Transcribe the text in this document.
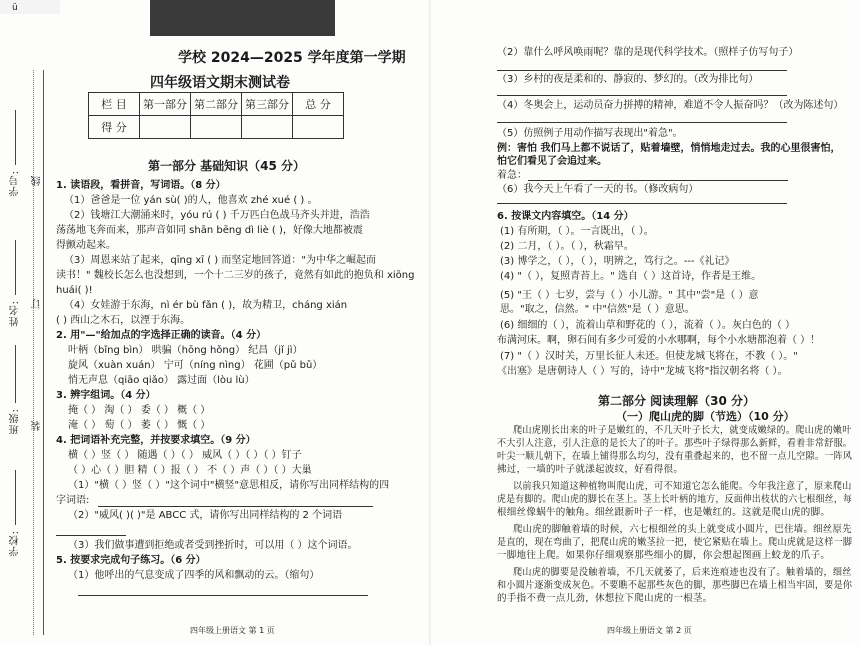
ü
学号: 线
姓名: 订
班级: 装
学校:
学校 2024—2025 学年度第一学期
四年级语文期末测试卷
栏 目	第一部分	第二部分	第三部分	总 分
得 分				
第一部分 基础知识（45 分）
1. 读语段，看拼音，写词语。（8 分）
（1）爸爸是一位 yán sù( )的人，他喜欢 zhé xué ( ) 。
（2）钱塘江大潮涌来时，yóu rú ( ) 千万匹白色战马齐头并进，浩浩
荡荡地飞奔而来，那声音如同 shān bēng dì liè ( )，好像大地都被震
得颤动起来。
（3）周恩来站了起来，qīng xī ( ) 而坚定地回答道："为中华之崛起而
读书！" 魏校长怎么也没想到，一个十二三岁的孩子，竟然有如此的抱负和 xiōng
huái( )!
（4）女娃游于东海，nì ér bù fǎn ( )，故为精卫，cháng xián
( ) 西山之木石，以湮于东海。
2. 用"—"给加点的字选择正确的读音。（4 分）
叶柄（bǐng bìn） 哄骗（hōng hǒng） 纪昌（jǐ jì）
旋风（xuàn xuán） 宁可（níng nìng） 花圃（pǔ bǔ）
悄无声息（qiāo qiǎo） 露过面（lòu lù）
3. 辨字组词。（4 分）
掩（ ） 淘（ ） 委（ ） 概（ ）
淹（ ） 萄（ ） 萎（ ） 慨（ ）
4. 把词语补充完整，并按要求填空。（9 分）
横（ ）竖（ ） 随遇（ ）（ ） 威风（ ）（ ）（ ）钉子
（ ）心（ ）胆 精（ ）报（ ） 不（ ）声（ ）（ ）大巢
（1）"横（ ）竖（ ）"这个词中"横竖"意思相反，请你写出同样结构的四
字词语:
（2）"威风( )( )"是 ABCC 式，请你写出同样结构的 2 个词语
（3）我们做事遭到拒绝或者受到挫折时，可以用（ ）这个词语。
5. 按要求完成句子练习。（6 分）
（1）他呼出的气息变成了四季的风和飘动的云。（缩句）
四年级上册语文 第 1 页
（2）靠什么呼风唤雨呢？靠的是现代科学技术。（照样子仿写句子）
（3）乡村的夜是柔和的、静寂的、梦幻的。（改为排比句）
（4）冬奥会上，运动员奋力拼搏的精神，难道不令人振奋吗？（改为陈述句）
（5）仿照例子用动作描写表现出"着急"。
例：害怕 我们马上都不说话了，贴着墙壁，悄悄地走过去。我的心里很害怕，
怕它们看见了会追过来。
着急：
（6）我今天上午看了一天的书。（修改病句）
6. 按课文内容填空。（14 分）
(1) 有所期，（ ）。一言既出，（ ）。
(2) 二月，（ ）。（ ），秋霜早。
(3) 博学之，（ ），（ ），明辨之，笃行之。---《礼记》
(4) "（ ），复照青苔上。" 选自（ ）这首诗，作者是王维。
(5) "王（ ）七岁，尝与（ ）小儿游。" 其中"尝"是（ ）意
思。"取之，信然。" 中"信然"是（ ）意思。
(6) 细细的（ ），流着山草和野花的（ ），流着（ ）。灰白色的（ ）
布满河床。啊，卵石间有多少可爱的小水哪啊，每个小水塘都泡着（ ）！
(7) "（ ）汉时关，万里长征人未还。但使龙城飞将在，不教（ ）。"
《出塞》是唐朝诗人（ ）写的，诗中"龙城飞将"指汉朝名将（ ）。
第二部分 阅读理解（30 分）
（一）爬山虎的脚（节选）（10 分）
爬山虎刚长出来的叶子是嫩红的，不几天叶子长大，就变成嫩绿的。爬山虎的嫩叶
不大引人注意，引人注意的是长大了的叶子。那些叶子绿得那么新鲜，看着非常舒服。
叶尖一顺儿朝下，在墙上铺得那么均匀，没有重叠起来的，也不留一点儿空隙。一阵风
拂过，一墙的叶子就漾起波纹，好看得很。
以前我只知道这种植物叫爬山虎，可不知道它怎么能爬。今年我注意了，原来爬山
虎是有脚的。爬山虎的脚长在茎上。茎上长叶柄的地方，反面伸出枝状的六七根细丝，每
根细丝像蜗牛的触角。细丝跟新叶子一样，也是嫩红的。这就是爬山虎的脚。
爬山虎的脚触着墙的时候，六七根细丝的头上就变成小圆片，巴住墙。细丝原先
是直的，现在弯曲了，把爬山虎的嫩茎拉一把，使它紧贴在墙上。爬山虎就是这样一脚
一脚地往上爬。如果你仔细观察那些细小的脚，你会想起图画上蛟龙的爪子。
爬山虎的脚要是没触着墙，不几天就萎了，后来连痕迹也没有了。触着墙的，细丝
和小圆片逐渐变成灰色。不要瞧不起那些灰色的脚，那些脚巴在墙上相当牢固，要是你
的手指不费一点儿劲，休想拉下爬山虎的一根茎。
四年级上册语文 第 2 页
